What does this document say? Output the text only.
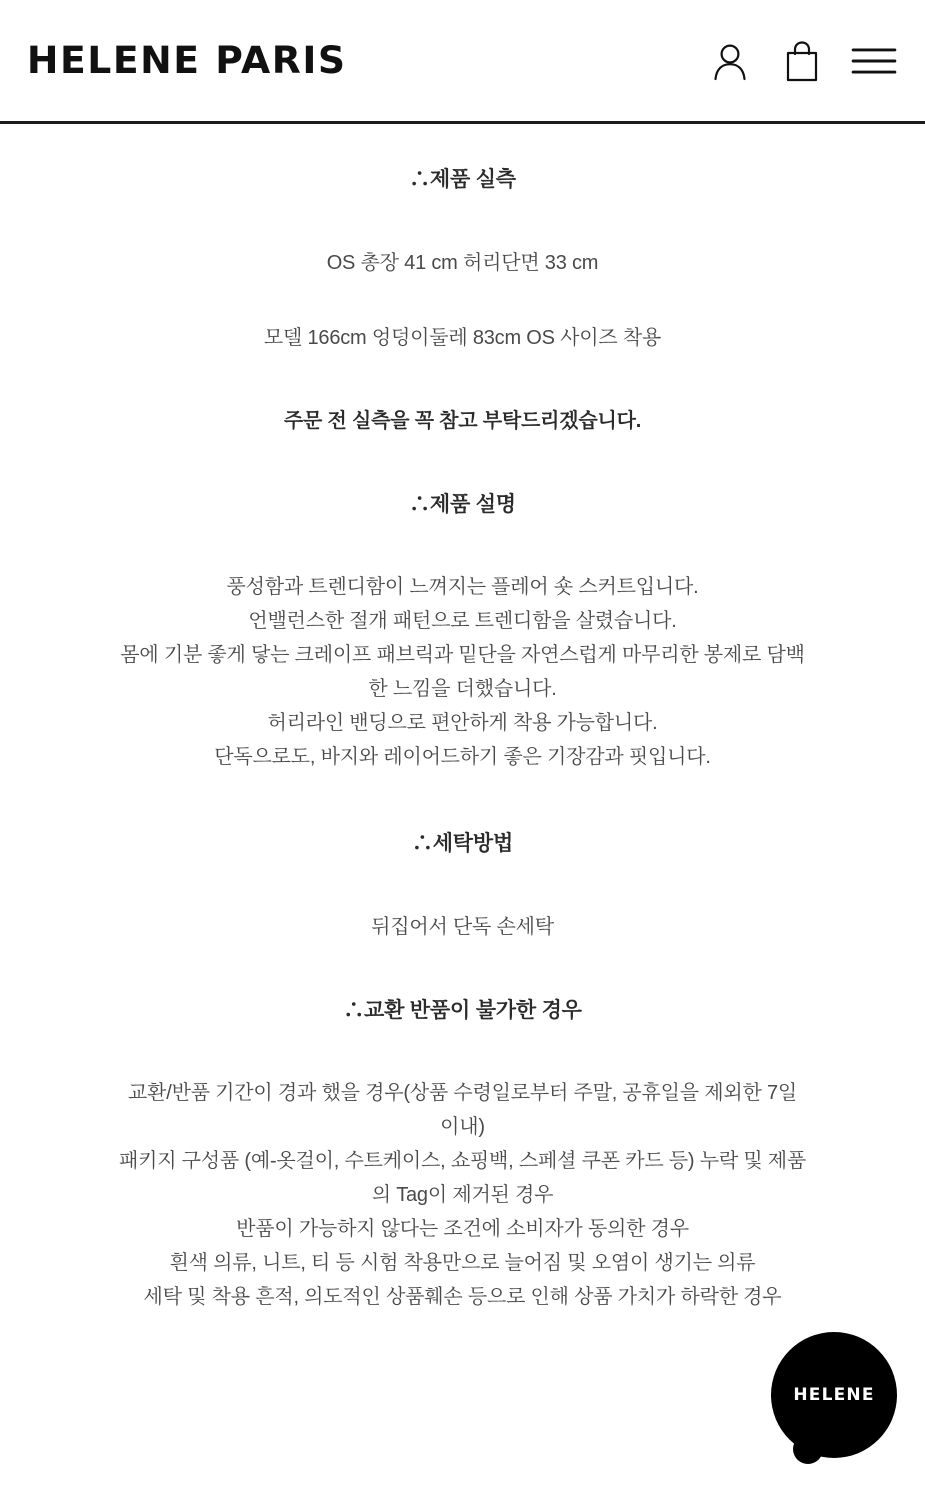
HELENE PARIS
∴제품 실측

OS 총장 41 cm 허리단면 33 cm

모델 166cm 엉덩이둘레 83cm OS 사이즈 착용

주문 전 실측을 꼭 참고 부탁드리겠습니다.

∴제품 설명

풍성함과 트렌디함이 느껴지는 플레어 숏 스커트입니다.

언밸런스한 절개 패턴으로 트렌디함을 살렸습니다.

몸에 기분 좋게 닿는 크레이프 패브릭과 밑단을 자연스럽게 마무리한 봉제로 담백

한 느낌을 더했습니다.

허리라인 밴딩으로 편안하게 착용 가능합니다.

단독으로도, 바지와 레이어드하기 좋은 기장감과 핏입니다.

∴세탁방법

뒤집어서 단독 손세탁

∴교환 반품이 불가한 경우

교환/반품 기간이 경과 했을 경우(상품 수령일로부터 주말, 공휴일을 제외한 7일

이내)

패키지 구성품 (예-옷걸이, 수트케이스, 쇼핑백, 스페셜 쿠폰 카드 등) 누락 및 제품

의 Tag이 제거된 경우

반품이 가능하지 않다는 조건에 소비자가 동의한 경우

흰색 의류, 니트, 티 등 시험 착용만으로 늘어짐 및 오염이 생기는 의류

세탁 및 착용 흔적, 의도적인 상품훼손 등으로 인해 상품 가치가 하락한 경우

HELENE
